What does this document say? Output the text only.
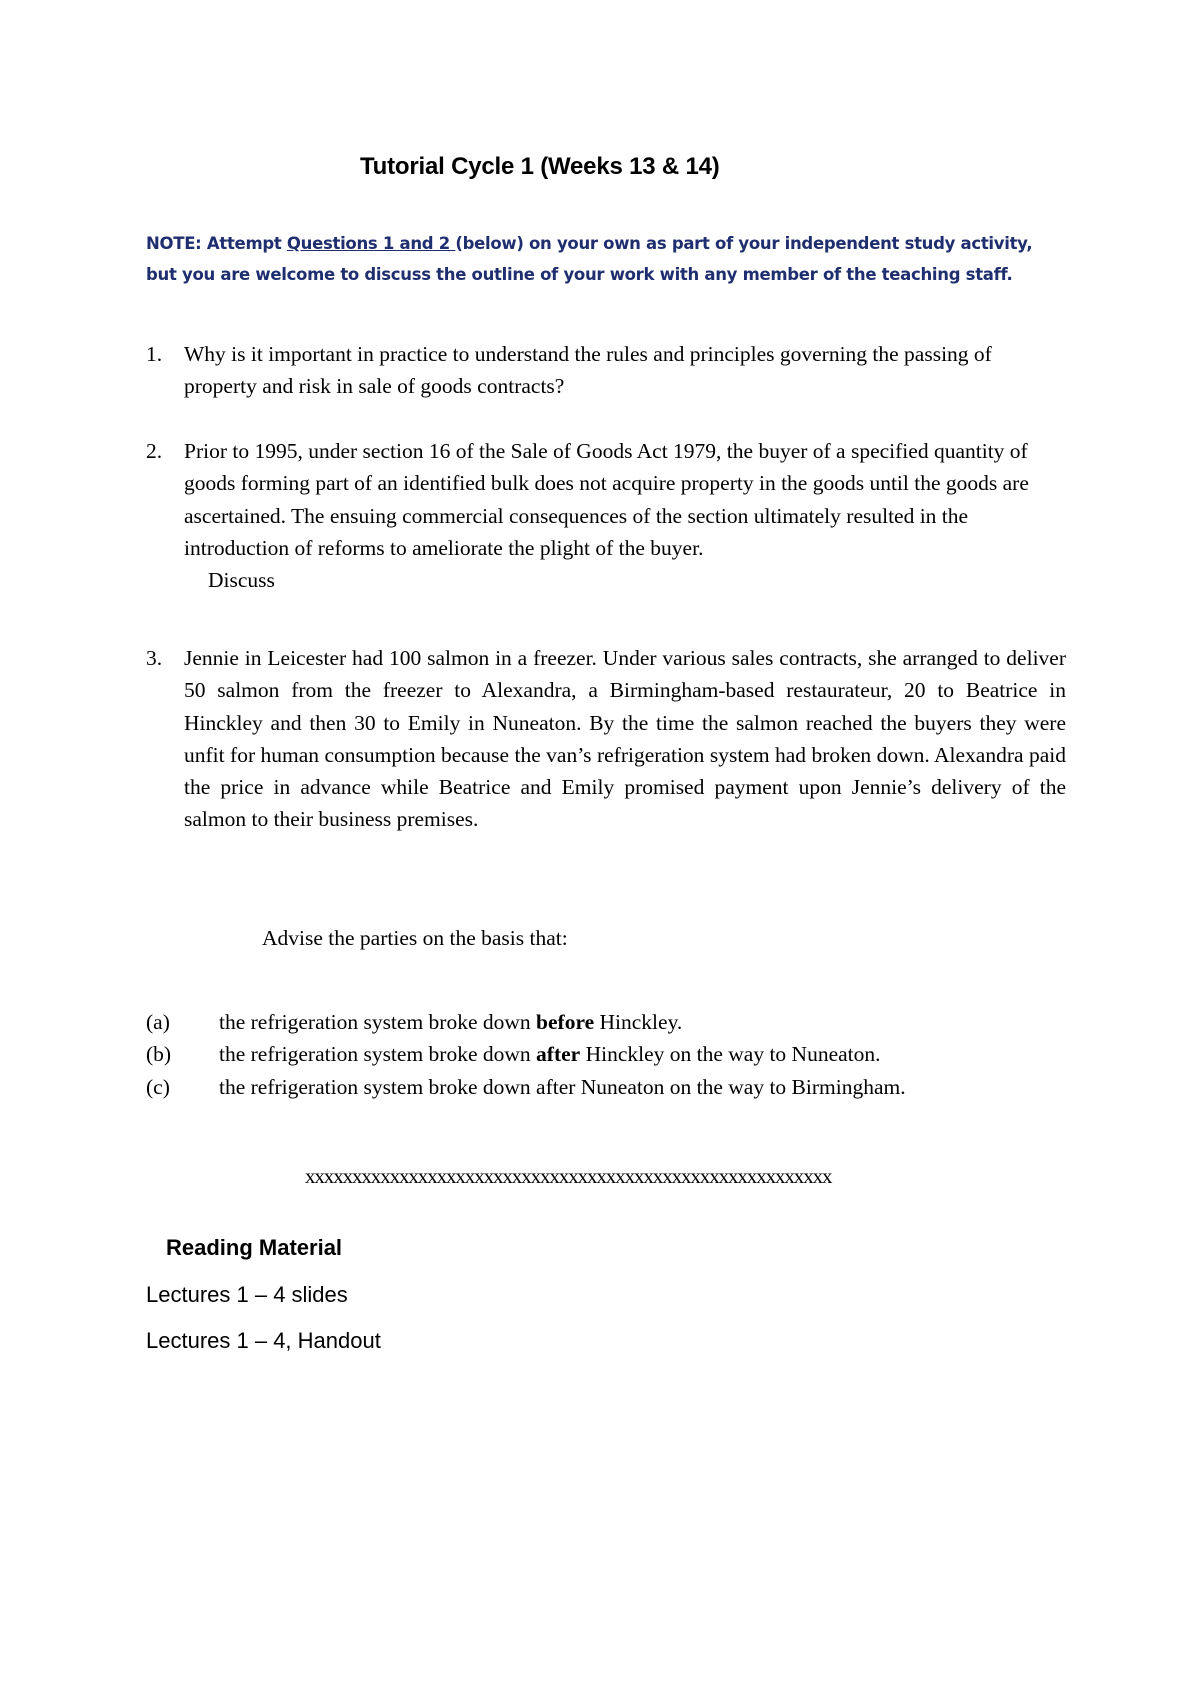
Tutorial Cycle 1 (Weeks 13 & 14)
NOTE: Attempt Questions 1 and 2 (below) on your own as part of your independent study activity, but you are welcome to discuss the outline of your work with any member of the teaching staff.
1. Why is it important in practice to understand the rules and principles governing the passing of property and risk in sale of goods contracts?
2. Prior to 1995, under section 16 of the Sale of Goods Act 1979, the buyer of a specified quantity of goods forming part of an identified bulk does not acquire property in the goods until the goods are ascertained. The ensuing commercial consequences of the section ultimately resulted in the introduction of reforms to ameliorate the plight of the buyer.
Discuss
3. Jennie in Leicester had 100 salmon in a freezer. Under various sales contracts, she arranged to deliver 50 salmon from the freezer to Alexandra, a Birmingham-based restaurateur, 20 to Beatrice in Hinckley and then 30 to Emily in Nuneaton. By the time the salmon reached the buyers they were unfit for human consumption because the van’s refrigeration system had broken down. Alexandra paid the price in advance while Beatrice and Emily promised payment upon Jennie’s delivery of the salmon to their business premises.
Advise the parties on the basis that:
(a) the refrigeration system broke down before Hinckley.
(b) the refrigeration system broke down after Hinckley on the way to Nuneaton.
(c) the refrigeration system broke down after Nuneaton on the way to Birmingham.
xxxxxxxxxxxxxxxxxxxxxxxxxxxxxxxxxxxxxxxxxxxxxxxxxxxxxxxx
Reading Material
Lectures 1 – 4 slides
Lectures 1 – 4, Handout
